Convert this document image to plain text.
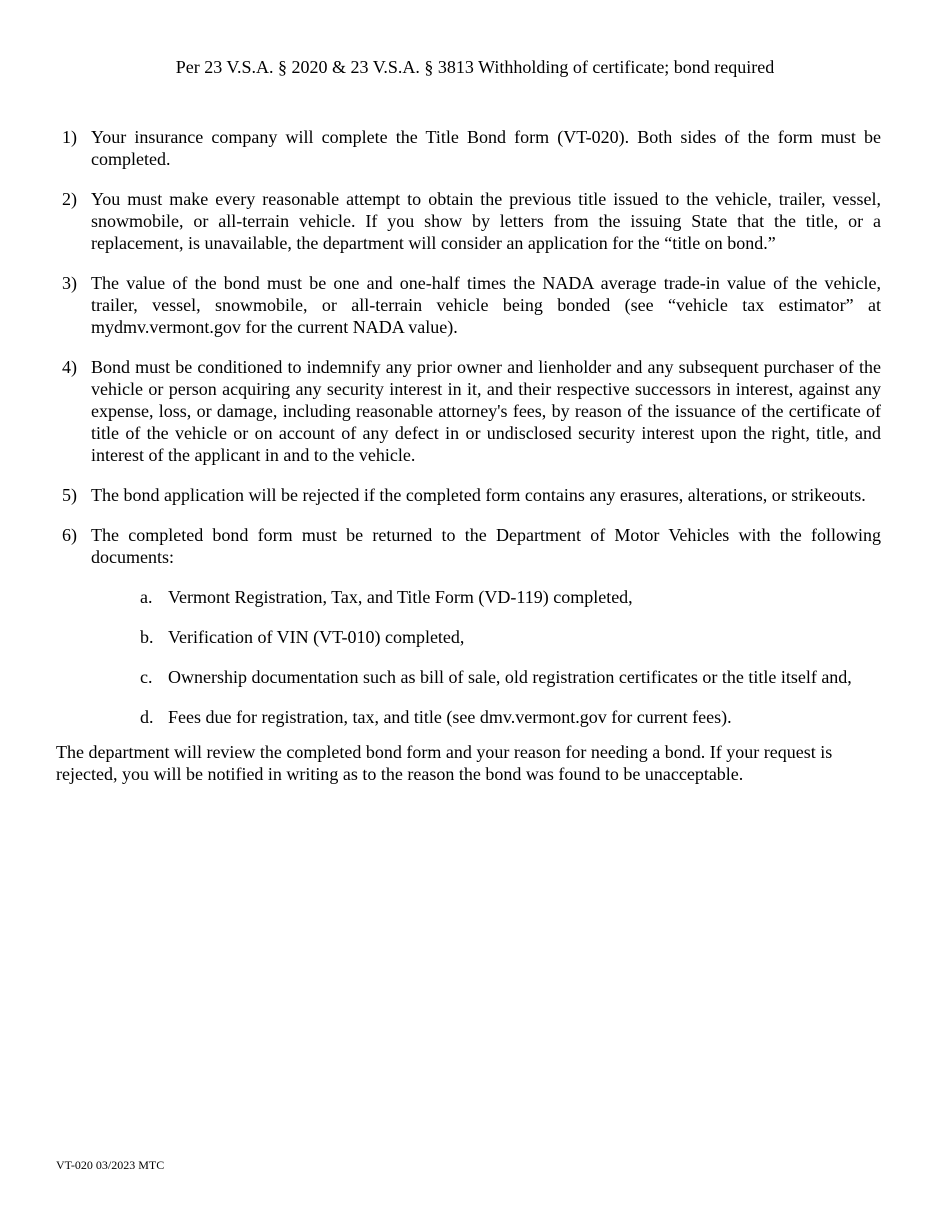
Per 23 V.S.A. § 2020 & 23 V.S.A. § 3813 Withholding of certificate; bond required
1) Your insurance company will complete the Title Bond form (VT-020). Both sides of the form must be completed.
2) You must make every reasonable attempt to obtain the previous title issued to the vehicle, trailer, vessel, snowmobile, or all-terrain vehicle. If you show by letters from the issuing State that the title, or a replacement, is unavailable, the department will consider an application for the “title on bond.”
3) The value of the bond must be one and one-half times the NADA average trade-in value of the vehicle, trailer, vessel, snowmobile, or all-terrain vehicle being bonded (see “vehicle tax estimator” at mydmv.vermont.gov for the current NADA value).
4) Bond must be conditioned to indemnify any prior owner and lienholder and any subsequent purchaser of the vehicle or person acquiring any security interest in it, and their respective successors in interest, against any expense, loss, or damage, including reasonable attorney's fees, by reason of the issuance of the certificate of title of the vehicle or on account of any defect in or undisclosed security interest upon the right, title, and interest of the applicant in and to the vehicle.
5) The bond application will be rejected if the completed form contains any erasures, alterations, or strikeouts.
6) The completed bond form must be returned to the Department of Motor Vehicles with the following documents:
a. Vermont Registration, Tax, and Title Form (VD-119) completed,
b. Verification of VIN (VT-010) completed,
c. Ownership documentation such as bill of sale, old registration certificates or the title itself and,
d. Fees due for registration, tax, and title (see dmv.vermont.gov for current fees).
The department will review the completed bond form and your reason for needing a bond. If your request is rejected, you will be notified in writing as to the reason the bond was found to be unacceptable.
VT-020 03/2023 MTC
